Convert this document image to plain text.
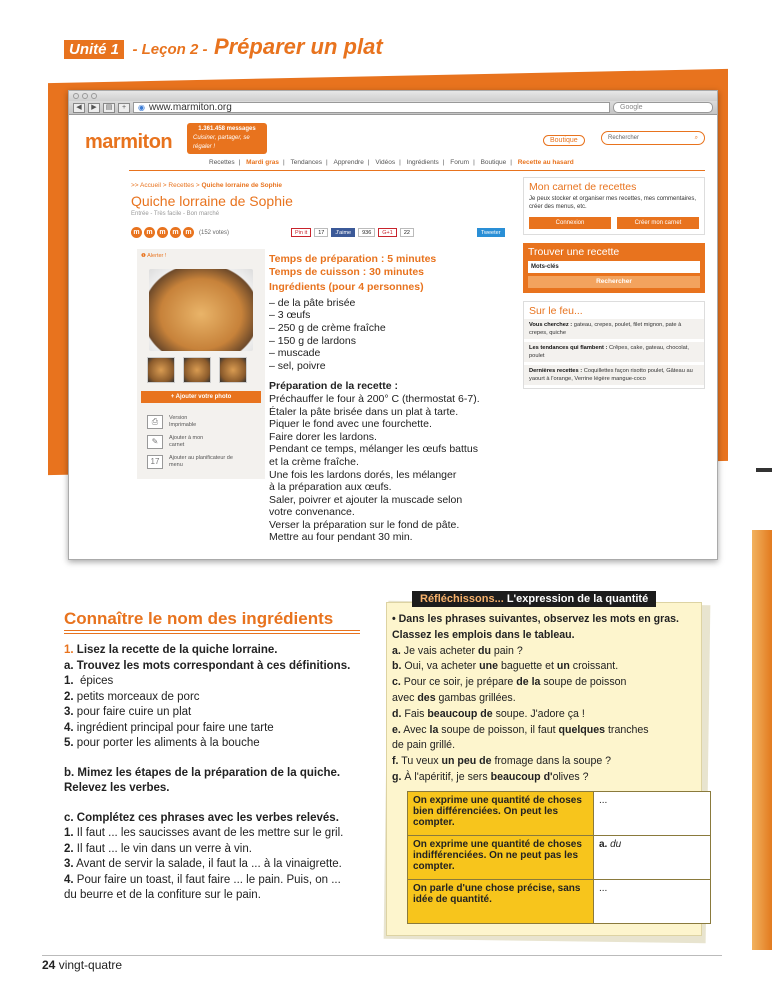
Unité 1 - Leçon 2 - Préparer un plat
◀	▶	▤	+	◉ www.marmiton.org	Google
marmiton
1.361.458 messages
Cuisiner, partager, se régaler !
Boutique	Rechercher	⌕
Recettes | Mardi gras | Tendances | Apprendre | Vidéos | Ingrédients | Forum | Boutique | Recette au hasard
>> Accueil > Recettes > Quiche lorraine de Sophie
Quiche lorraine de Sophie
Entrée - Très facile - Bon marché
m m m m m	(152 votes)	Pin it	17	J'aime	936	G+1	22	Tweeter
❶ Alerter !
+ Ajouter votre photo
⎙	Version Imprimable
✎	Ajouter à mon carnet
17	Ajouter au planificateur de menu
Temps de préparation : 5 minutes
Temps de cuisson : 30 minutes
Ingrédients (pour 4 personnes)
– de la pâte brisée
– 3 œufs
– 250 g de crème fraîche
– 150 g de lardons
– muscade
– sel, poivre
Préparation de la recette :
Préchauffer le four à 200° C (thermostat 6-7).
Étaler la pâte brisée dans un plat à tarte.
Piquer le fond avec une fourchette.
Faire dorer les lardons.
Pendant ce temps, mélanger les œufs battus
et la crème fraîche.
Une fois les lardons dorés, les mélanger
à la préparation aux œufs.
Saler, poivrer et ajouter la muscade selon
votre convenance.
Verser la préparation sur le fond de pâte.
Mettre au four pendant 30 min.
Mon carnet de recettes

Je peux stocker et organiser mes recettes, mes commentaires, créer des menus, etc.

Connexion	Créer mon carnet
Trouver une recette
Mots-clés
Rechercher
Sur le feu...
Vous cherchez : gateau, crepes, poulet, filet mignon, pate à crepes, quiche
Les tendances qui flambent : Crêpes, cake, gateau, chocolat, poulet
Dernières recettes : Coquillettes façon risotto poulet, Gâteau au yaourt à l'orange, Verrine légère mangue-coco
Connaître le nom des ingrédients
1. Lisez la recette de la quiche lorraine.
a. Trouvez les mots correspondant à ces définitions.
1. épices
2. petits morceaux de porc
3. pour faire cuire un plat
4. ingrédient principal pour faire une tarte
5. pour porter les aliments à la bouche
b. Mimez les étapes de la préparation de la quiche.
Relevez les verbes.
c. Complétez ces phrases avec les verbes relevés.
1. Il faut ... les saucisses avant de les mettre sur le gril.
2. Il faut ... le vin dans un verre à vin.
3. Avant de servir la salade, il faut la ... à la vinaigrette.
4. Pour faire un toast, il faut faire ... le pain. Puis, on ...
du beurre et de la confiture sur le pain.
Réfléchissons... L'expression de la quantité
• Dans les phrases suivantes, observez les mots en gras.
Classez les emplois dans le tableau.
a. Je vais acheter du pain ?
b. Oui, va acheter une baguette et un croissant.
c. Pour ce soir, je prépare de la soupe de poisson
avec des gambas grillées.
d. Fais beaucoup de soupe. J'adore ça !
e. Avec la soupe de poisson, il faut quelques tranches
de pain grillé.
f. Tu veux un peu de fromage dans la soupe ?
g. À l'apéritif, je sers beaucoup d'olives ?
On exprime une quantité de choses bien différenciées. On peut les compter.	...
On exprime une quantité de choses indifférenciées. On ne peut pas les compter.	a. du
On parle d'une chose précise, sans idée de quantité.	...
24 vingt-quatre
